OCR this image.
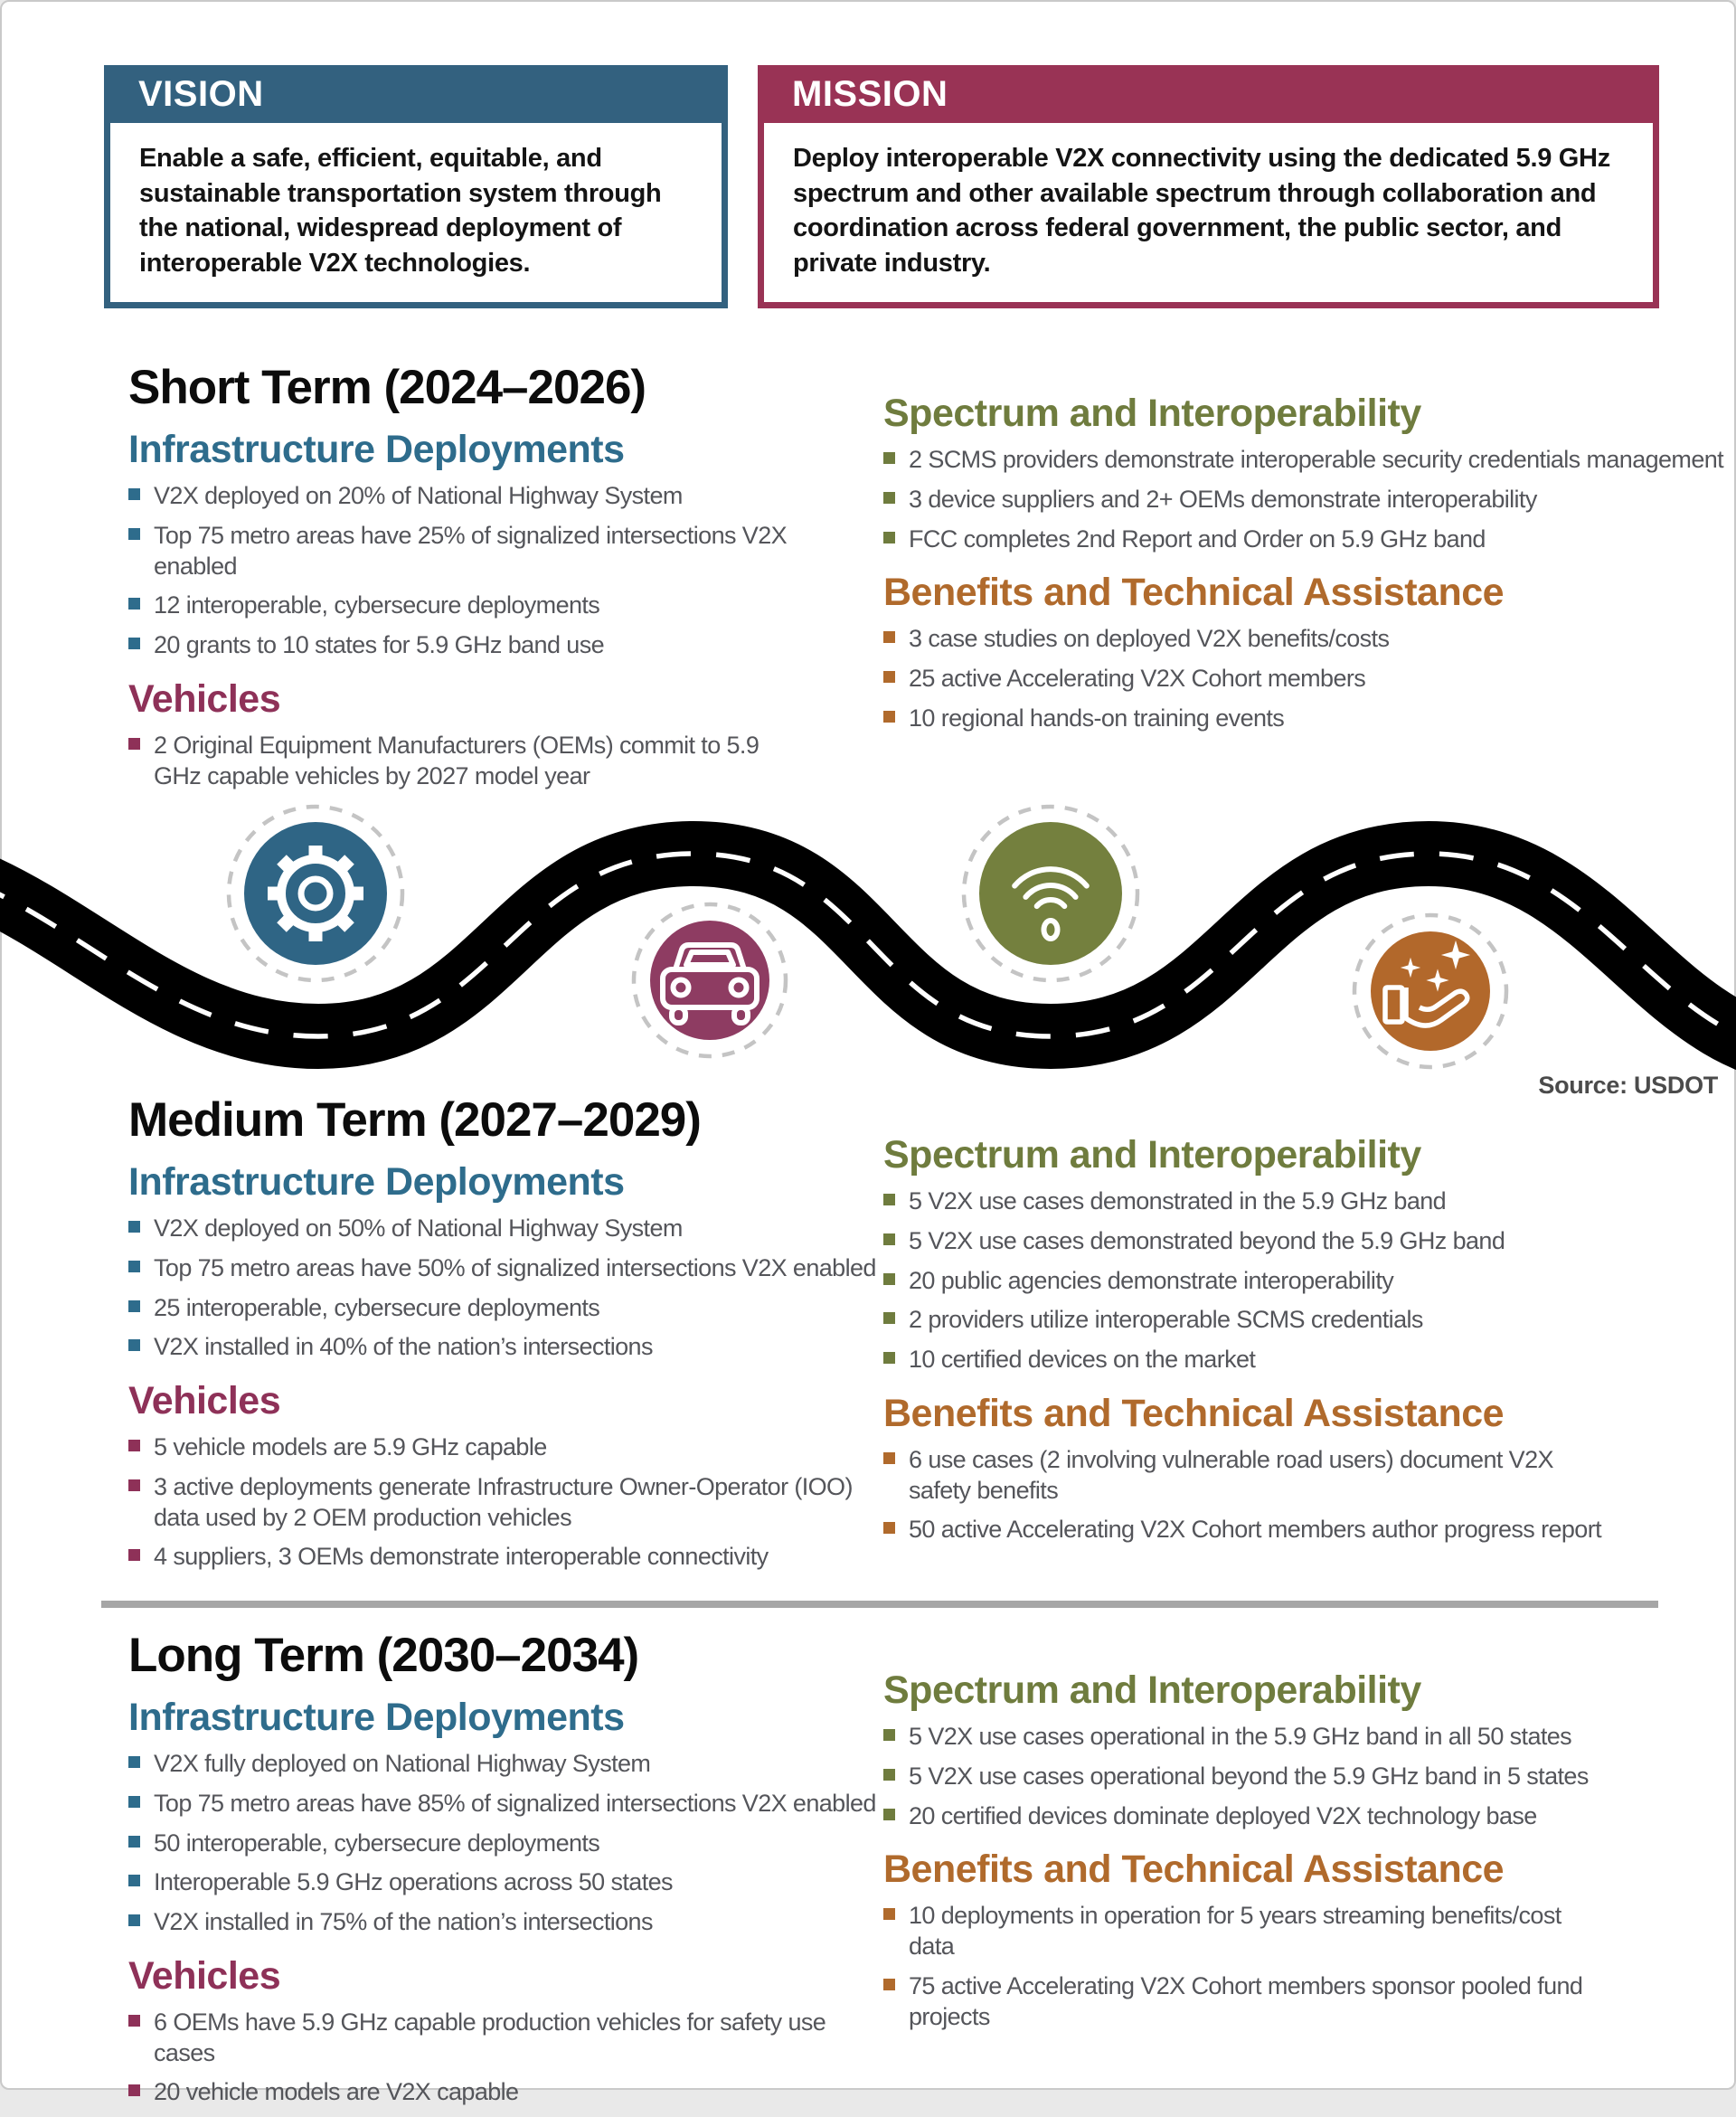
VISION
Enable a safe, efficient, equitable, and sustainable transportation system through the national, widespread deployment of interoperable V2X technologies.
MISSION
Deploy interoperable V2X connectivity using the dedicated 5.9 GHz spectrum and other available spectrum through collaboration and coordination across federal government, the public sector, and private industry.
Short Term (2024–2026)
Infrastructure Deployments
V2X deployed on 20% of National Highway System
Top 75 metro areas have 25% of signalized intersections V2X enabled
12 interoperable, cybersecure deployments
20 grants to 10 states for 5.9 GHz band use
Vehicles
2 Original Equipment Manufacturers (OEMs) commit to 5.9 GHz capable vehicles by 2027 model year
Spectrum and Interoperability
2 SCMS providers demonstrate interoperable security credentials management
3 device suppliers and 2+ OEMs demonstrate interoperability
FCC completes 2nd Report and Order on 5.9 GHz band
Benefits and Technical Assistance
3 case studies on deployed V2X benefits/costs
25 active Accelerating V2X Cohort members
10 regional hands-on training events
Source: USDOT
Medium Term (2027–2029)
Infrastructure Deployments
V2X deployed on 50% of National Highway System
Top 75 metro areas have 50% of signalized intersections V2X enabled
25 interoperable, cybersecure deployments
V2X installed in 40% of the nation’s intersections
Vehicles
5 vehicle models are 5.9 GHz capable
3 active deployments generate Infrastructure Owner-Operator (IOO) data used by 2 OEM production vehicles
4 suppliers, 3 OEMs demonstrate interoperable connectivity
Spectrum and Interoperability
5 V2X use cases demonstrated in the 5.9 GHz band
5 V2X use cases demonstrated beyond the 5.9 GHz band
20 public agencies demonstrate interoperability
2 providers utilize interoperable SCMS credentials
10 certified devices on the market
Benefits and Technical Assistance
6 use cases (2 involving vulnerable road users) document V2X safety benefits
50 active Accelerating V2X Cohort members author progress report
Long Term (2030–2034)
Infrastructure Deployments
V2X fully deployed on National Highway System
Top 75 metro areas have 85% of signalized intersections V2X enabled
50 interoperable, cybersecure deployments
Interoperable 5.9 GHz operations across 50 states
V2X installed in 75% of the nation’s intersections
Vehicles
6 OEMs have 5.9 GHz capable production vehicles for safety use cases
20 vehicle models are V2X capable
Spectrum and Interoperability
5 V2X use cases operational in the 5.9 GHz band in all 50 states
5 V2X use cases operational beyond the 5.9 GHz band in 5 states
20 certified devices dominate deployed V2X technology base
Benefits and Technical Assistance
10 deployments in operation for 5 years streaming benefits/cost data
75 active Accelerating V2X Cohort members sponsor pooled fund projects
